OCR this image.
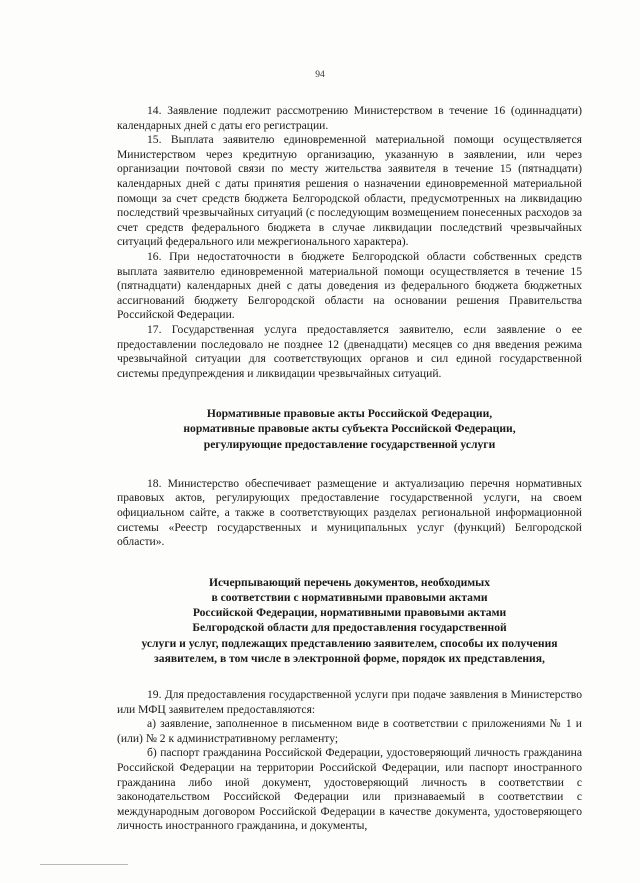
94

14. Заявление подлежит рассмотрению Министерством в течение 16 (одиннадцати) календарных дней с даты его регистрации.

15. Выплата заявителю единовременной материальной помощи осуществляется Министерством через кредитную организацию, указанную в заявлении, или через организации почтовой связи по месту жительства заявителя в течение 15 (пятнадцати) календарных дней с даты принятия решения о назначении единовременной материальной помощи за счет средств бюджета Белгородской области, предусмотренных на ликвидацию последствий чрезвычайных ситуаций (с последующим возмещением понесенных расходов за счет средств федерального бюджета в случае ликвидации последствий чрезвычайных ситуаций федерального или межрегионального характера).

16. При недостаточности в бюджете Белгородской области собственных средств выплата заявителю единовременной материальной помощи осуществляется в течение 15 (пятнадцати) календарных дней с даты доведения из федерального бюджета бюджетных ассигнований бюджету Белгородской области на основании решения Правительства Российской Федерации.

17. Государственная услуга предоставляется заявителю, если заявление о ее предоставлении последовало не позднее 12 (двенадцати) месяцев со дня введения режима чрезвычайной ситуации для соответствующих органов и сил единой государственной системы предупреждения и ликвидации чрезвычайных ситуаций.

Нормативные правовые акты Российской Федерации,
нормативные правовые акты субъекта Российской Федерации,
регулирующие предоставление государственной услуги

18. Министерство обеспечивает размещение и актуализацию перечня нормативных правовых актов, регулирующих предоставление государственной услуги, на своем официальном сайте, а также в соответствующих разделах региональной информационной системы «Реестр государственных и муниципальных услуг (функций) Белгородской области».

Исчерпывающий перечень документов, необходимых
в соответствии с нормативными правовыми актами
Российской Федерации, нормативными правовыми актами
Белгородской области для предоставления государственной
услуги и услуг, подлежащих представлению заявителем, способы их получения
заявителем, в том числе в электронной форме, порядок их представления,

19. Для предоставления государственной услуги при подаче заявления в Министерство или МФЦ заявителем предоставляются:

а) заявление, заполненное в письменном виде в соответствии с приложениями № 1 и (или) № 2 к административному регламенту;

б) паспорт гражданина Российской Федерации, удостоверяющий личность гражданина Российской Федерации на территории Российской Федерации, или паспорт иностранного гражданина либо иной документ, удостоверяющий личность в соответствии с законодательством Российской Федерации или признаваемый в соответствии с международным договором Российской Федерации в качестве документа, удостоверяющего личность иностранного гражданина, и документы,
